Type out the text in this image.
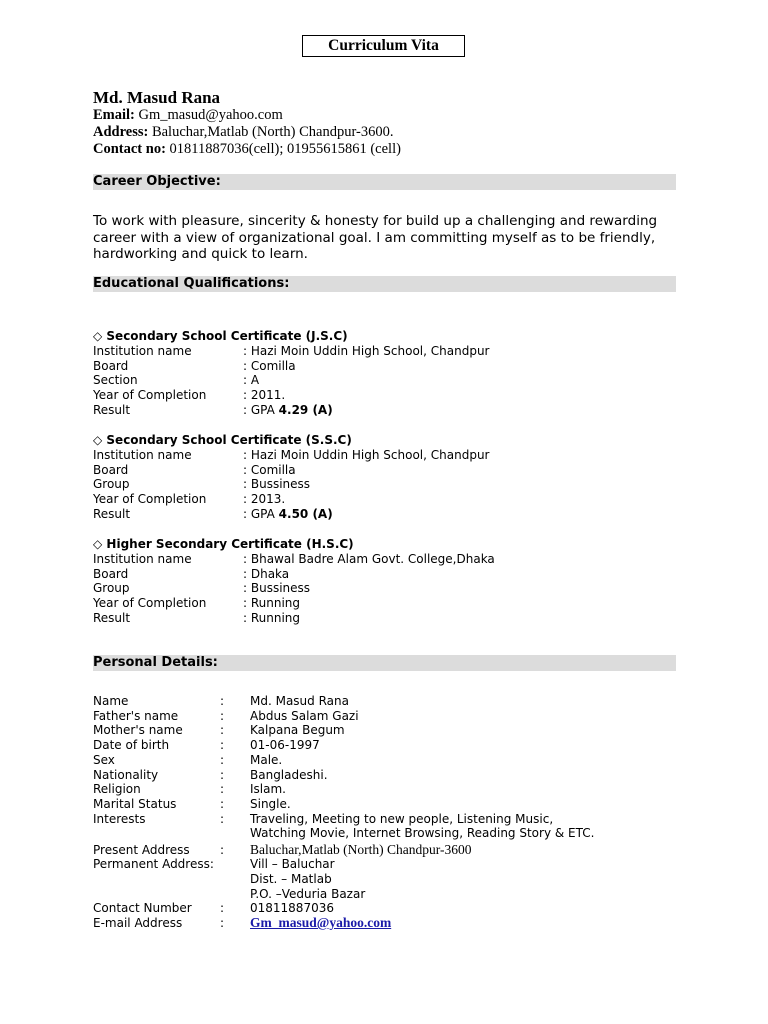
Curriculum Vita
Md. Masud Rana
Email: Gm_masud@yahoo.com
Address: Baluchar,Matlab (North) Chandpur-3600.
Contact no: 01811887036(cell); 01955615861 (cell)
Career Objective:
To work with pleasure, sincerity & honesty for build up a challenging and rewarding career with a view of organizational goal. I am committing myself as to be friendly, hardworking and quick to learn.
Educational Qualifications:
◇ Secondary School Certificate (J.S.C)
Institution name	: Hazi Moin Uddin High School, Chandpur
Board	: Comilla
Section	: A
Year of Completion	: 2011.
Result	: GPA 4.29 (A)
◇ Secondary School Certificate (S.S.C)
Institution name	: Hazi Moin Uddin High School, Chandpur
Board	: Comilla
Group	: Bussiness
Year of Completion	: 2013.
Result	: GPA 4.50 (A)
◇ Higher Secondary Certificate (H.S.C)
Institution name	: Bhawal Badre Alam Govt. College,Dhaka
Board	: Dhaka
Group	: Bussiness
Year of Completion	: Running
Result	: Running
Personal Details:
Name	: Md. Masud Rana
Father's name	: Abdus Salam Gazi
Mother's name	: Kalpana Begum
Date of birth	: 01-06-1997
Sex	: Male.
Nationality	: Bangladeshi.
Religion	: Islam.
Marital Status	: Single.
Interests	: Traveling, Meeting to new people, Listening Music,
Watching Movie, Internet Browsing, Reading Story & ETC.
Present Address	: Baluchar,Matlab (North) Chandpur-3600
Permanent Address:	Vill – Baluchar
Dist. – Matlab
P.O. –Veduria Bazar
Contact Number : 01811887036
E-mail Address	: Gm_masud@yahoo.com
